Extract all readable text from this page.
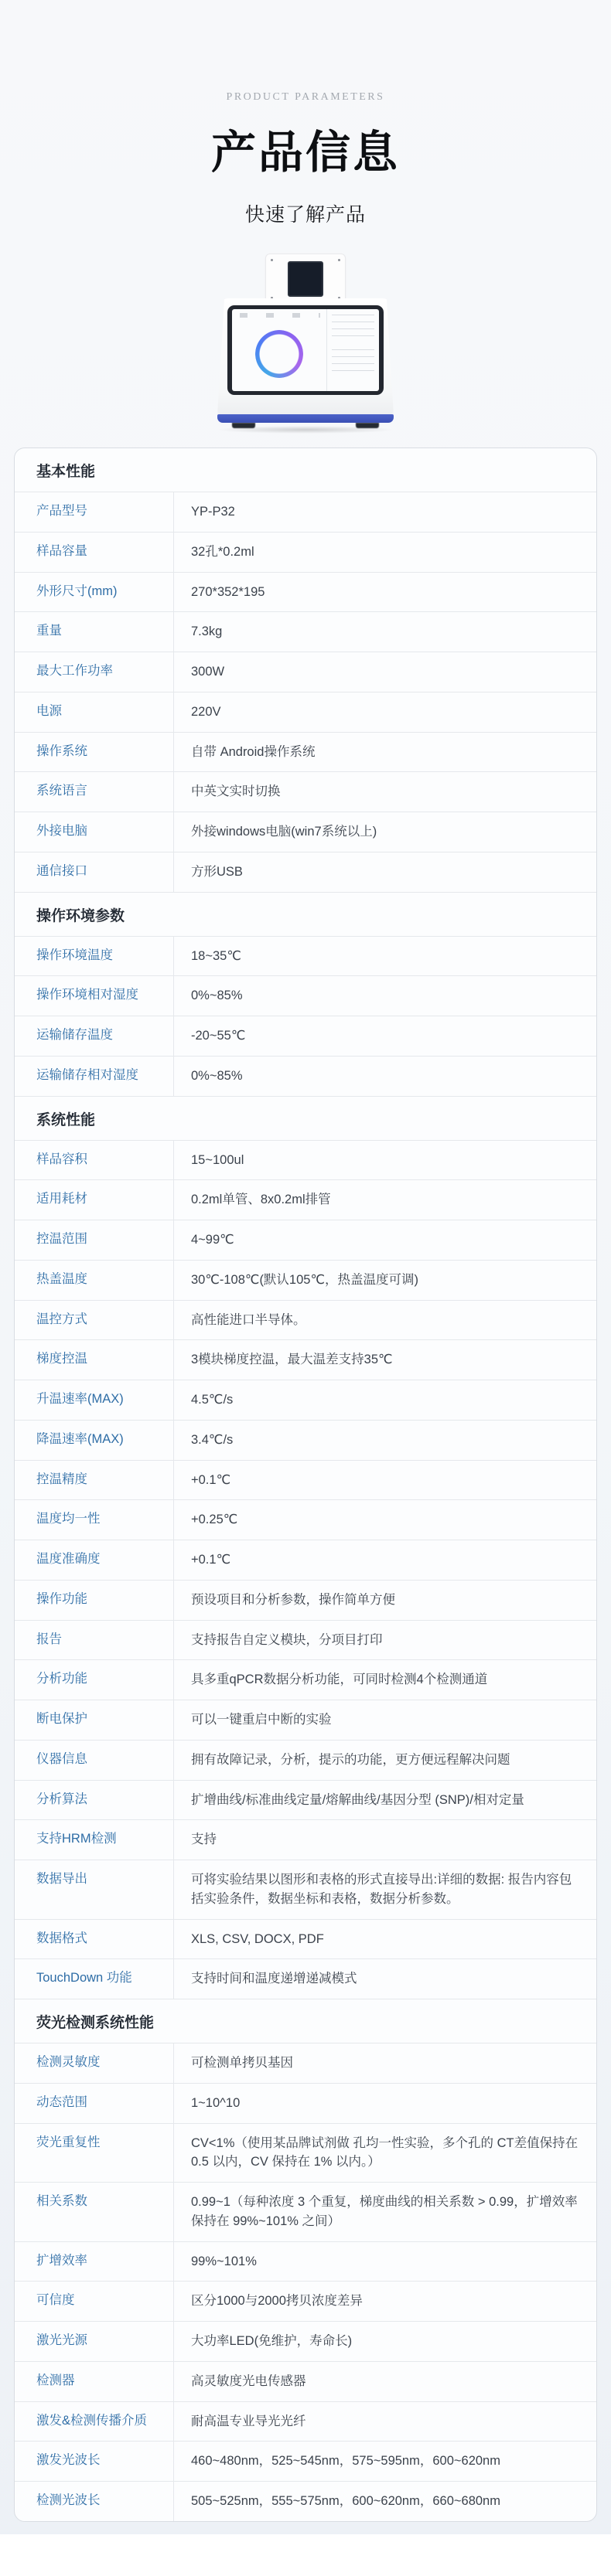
PRODUCT PARAMETERS
产品信息
快速了解产品
基本性能
产品型号	YP-P32
样品容量	32孔*0.2ml
外形尺寸(mm)	270*352*195
重量	7.3kg
最大工作功率	300W
电源	220V
操作系统	自带 Android操作系统
系统语言	中英文实时切换
外接电脑	外接windows电脑(win7系统以上)
通信接口	方形USB
操作环境参数
操作环境温度	18~35℃
操作环境相对湿度	0%~85%
运输储存温度	-20~55℃
运输储存相对湿度	0%~85%
系统性能
样品容积	15~100ul
适用耗材	0.2ml单管、8x0.2ml排管
控温范围	4~99℃
热盖温度	30℃-108℃(默认105℃，热盖温度可调)
温控方式	高性能进口半导体。
梯度控温	3模块梯度控温，最大温差支持35℃
升温速率(MAX)	4.5℃/s
降温速率(MAX)	3.4℃/s
控温精度	+0.1℃
温度均一性	+0.25℃
温度准确度	+0.1℃
操作功能	预设项目和分析参数，操作简单方便
报告	支持报告自定义模块，分项目打印
分析功能	具多重qPCR数据分析功能，可同时检测4个检测通道
断电保护	可以一键重启中断的实验
仪器信息	拥有故障记录，分析，提示的功能，更方便远程解决问题
分析算法	扩增曲线/标准曲线定量/熔解曲线/基因分型 (SNP)/相对定量
支持HRM检测	支持
数据导出	可将实验结果以图形和表格的形式直接导出:详细的数据: 报告内容包括实验条件，数据坐标和表格，数据分析参数。
数据格式	XLS, CSV, DOCX, PDF
TouchDown 功能	支持时间和温度递增递减模式
荧光检测系统性能
检测灵敏度	可检测单拷贝基因
动态范围	1~10^10
荧光重复性	CV<1%（使用某品牌试剂做 孔均一性实验，多个孔的 CT差值保持在 0.5 以内，CV 保持在 1% 以内。）
相关系数	0.99~1（每种浓度 3 个重复，梯度曲线的相关系数 > 0.99，扩增效率保持在 99%~101% 之间）
扩增效率	99%~101%
可信度	区分1000与2000拷贝浓度差异
激光光源	大功率LED(免维护，寿命长)
检测器	高灵敏度光电传感器
激发&检测传播介质	耐高温专业导光光纤
激发光波长	460~480nm，525~545nm，575~595nm，600~620nm
检测光波长	505~525nm，555~575nm，600~620nm，660~680nm
